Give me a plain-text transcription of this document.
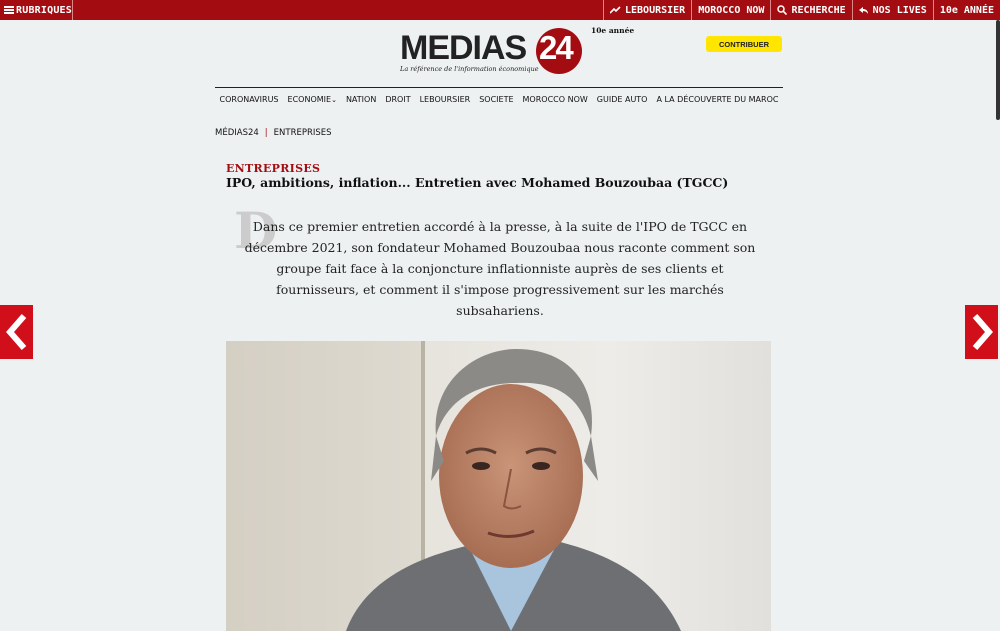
RUBRIQUES	LEBOURSIER MOROCCO NOW	RECHERCHE	NOS LIVES 10e ANNÉE
MEDIAS 24
La référence de l'information économique
10e année
CONTRIBUER
CORONAVIRUS ECONOMIE⌄ NATION DROIT LEBOURSIER SOCIETE MOROCCO NOW GUIDE AUTO A LA DÉCOUVERTE DU MAROC
MÉDIAS24 | ENTREPRISES
ENTREPRISES
IPO, ambitions, inflation... Entretien avec Mohamed Bouzoubaa (TGCC)
D
Dans ce premier entretien accordé à la presse, à la suite de l'IPO de TGCC en décembre 2021, son fondateur Mohamed Bouzoubaa nous raconte comment son groupe fait face à la conjoncture inflationniste auprès de ses clients et fournisseurs, et comment il s'impose progressivement sur les marchés subsahariens.
